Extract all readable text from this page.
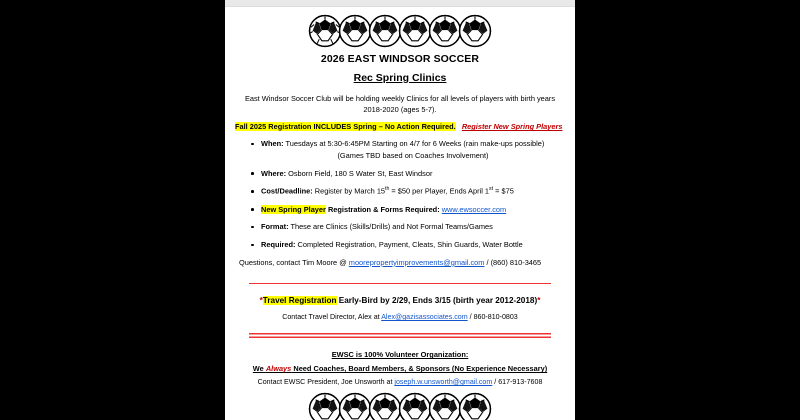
2026 EAST WINDSOR SOCCER
Rec Spring Clinics
East Windsor Soccer Club will be holding weekly Clinics for all levels of players with birth years
2018-2020 (ages 5-7).
Fall 2025 Registration INCLUDES Spring – No Action Required. Register New Spring Players
When: Tuesdays at 5:30-6:45PM Starting on 4/7 for 6 Weeks (rain make-ups possible)
(Games TBD based on Coaches Involvement)
Where: Osborn Field, 180 S Water St, East Windsor
Cost/Deadline: Register by March 15th = $50 per Player, Ends April 1st = $75
New Spring Player Registration & Forms Required: www.ewsoccer.com
Format: These are Clinics (Skills/Drills) and Not Formal Teams/Games
Required: Completed Registration, Payment, Cleats, Shin Guards, Water Bottle
Questions, contact Tim Moore @ moorepropertyimprovements@gmail.com / (860) 810-3465
*Travel Registration Early-Bird by 2/29, Ends 3/15 (birth year 2012-2018)*
Contact Travel Director, Alex at Alex@gazisassociates.com / 860-810-0803
EWSC is 100% Volunteer Organization:
We Always Need Coaches, Board Members, & Sponsors (No Experience Necessary)
Contact EWSC President, Joe Unsworth at joseph.w.unsworth@gmail.com / 617-913-7608
